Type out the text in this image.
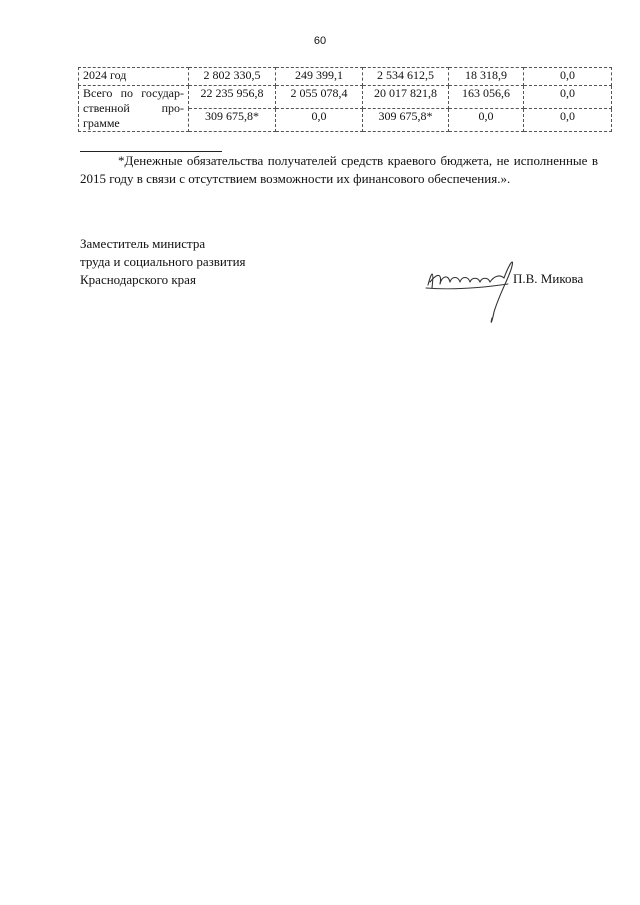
60
2024 год	2 802 330,5	249 399,1	2 534 612,5	18 318,9	0,0

Всего по государ-
ственной про-
грамме	22 235 956,8	2 055 078,4	20 017 821,8	163 056,6	0,0
	309 675,8*	0,0	309 675,8*	0,0	0,0

*Денежные обязательства получателей средств краевого бюджета, не исполненные в 2015 году в связи с отсутствием возможности их финансового обеспечения.».

Заместитель министра
труда и социального развития
Краснодарского края	П.В. Микова
